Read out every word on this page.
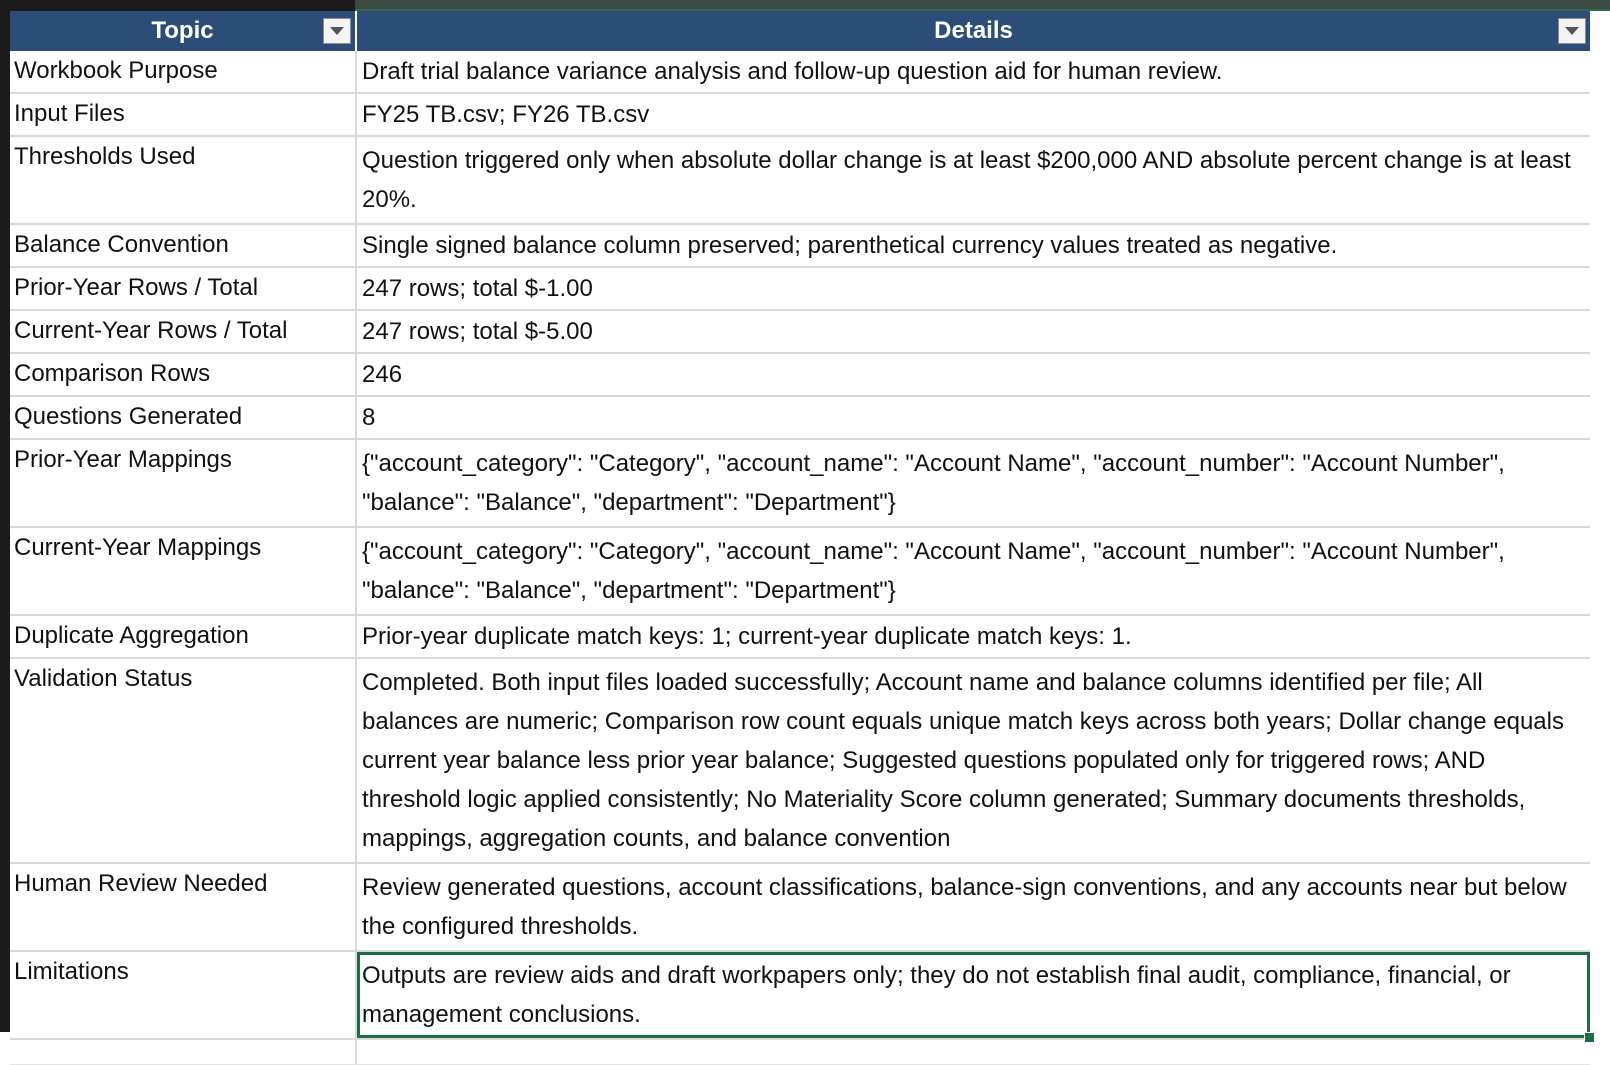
Topic	Details
Workbook Purpose	Draft trial balance variance analysis and follow-up question aid for human review.
Input Files	FY25 TB.csv; FY26 TB.csv
Thresholds Used	Question triggered only when absolute dollar change is at least $200,000 AND absolute percent change is at least 20%.
Balance Convention	Single signed balance column preserved; parenthetical currency values treated as negative.
Prior-Year Rows / Total	247 rows; total $-1.00
Current-Year Rows / Total	247 rows; total $-5.00
Comparison Rows	246
Questions Generated	8
Prior-Year Mappings	{"account_category": "Category", "account_name": "Account Name", "account_number": "Account Number", "balance": "Balance", "department": "Department"}
Current-Year Mappings	{"account_category": "Category", "account_name": "Account Name", "account_number": "Account Number", "balance": "Balance", "department": "Department"}
Duplicate Aggregation	Prior-year duplicate match keys: 1; current-year duplicate match keys: 1.
Validation Status	Completed. Both input files loaded successfully; Account name and balance columns identified per file; All balances are numeric; Comparison row count equals unique match keys across both years; Dollar change equals current year balance less prior year balance; Suggested questions populated only for triggered rows; AND threshold logic applied consistently; No Materiality Score column generated; Summary documents thresholds, mappings, aggregation counts, and balance convention
Human Review Needed	Review generated questions, account classifications, balance-sign conventions, and any accounts near but below the configured thresholds.
Limitations	Outputs are review aids and draft workpapers only; they do not establish final audit, compliance, financial, or management conclusions.
